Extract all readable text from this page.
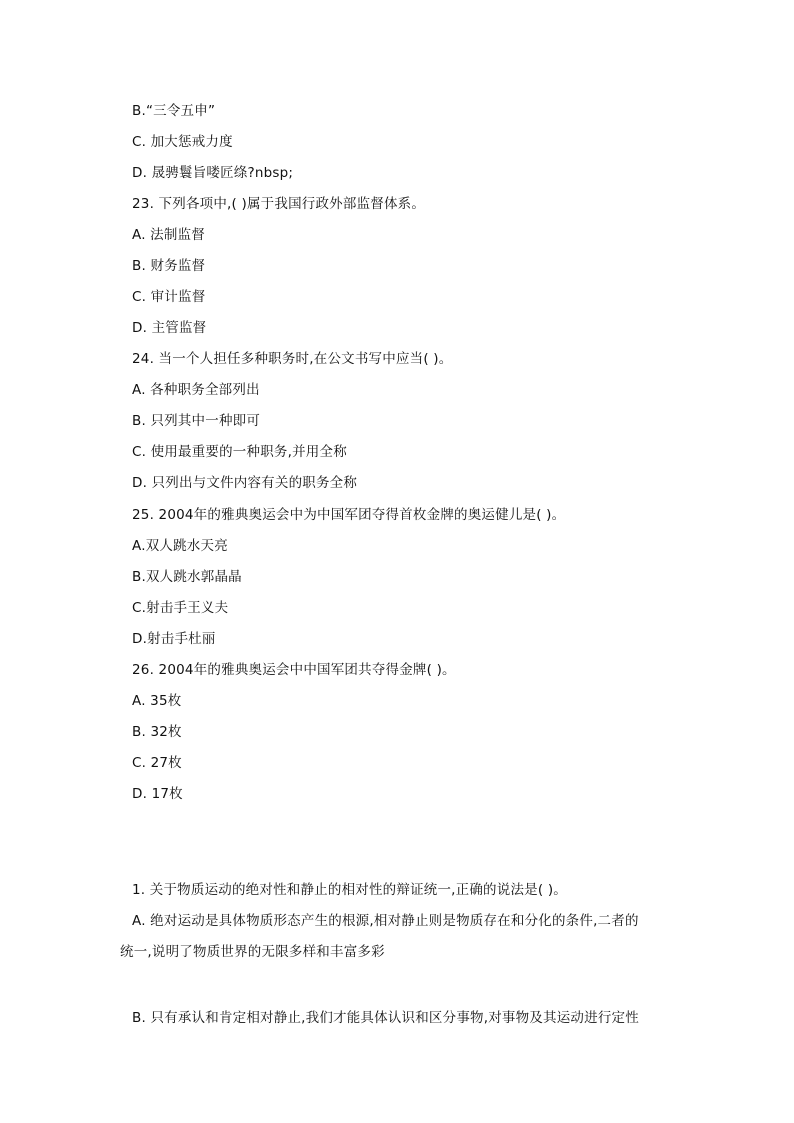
B.“三令五申”
C. 加大惩戒力度
D. 晟骋鬟旨喽匠绦?nbsp;
23. 下列各项中,( )属于我国行政外部监督体系。
A. 法制监督
B. 财务监督
C. 审计监督
D. 主管监督
24. 当一个人担任多种职务时,在公文书写中应当( )。
A. 各种职务全部列出
B. 只列其中一种即可
C. 使用最重要的一种职务,并用全称
D. 只列出与文件内容有关的职务全称
25. 2004年的雅典奥运会中为中国军团夺得首枚金牌的奥运健儿是( )。
A.双人跳水天亮
B.双人跳水郭晶晶
C.射击手王义夫
D.射击手杜丽
26. 2004年的雅典奥运会中中国军团共夺得金牌( )。
A. 35枚
B. 32枚
C. 27枚
D. 17枚
1. 关于物质运动的绝对性和静止的相对性的辩证统一,正确的说法是( )。
A. 绝对运动是具体物质形态产生的根源,相对静止则是物质存在和分化的条件,二者的
统一,说明了物质世界的无限多样和丰富多彩
B. 只有承认和肯定相对静止,我们才能具体认识和区分事物,对事物及其运动进行定性
